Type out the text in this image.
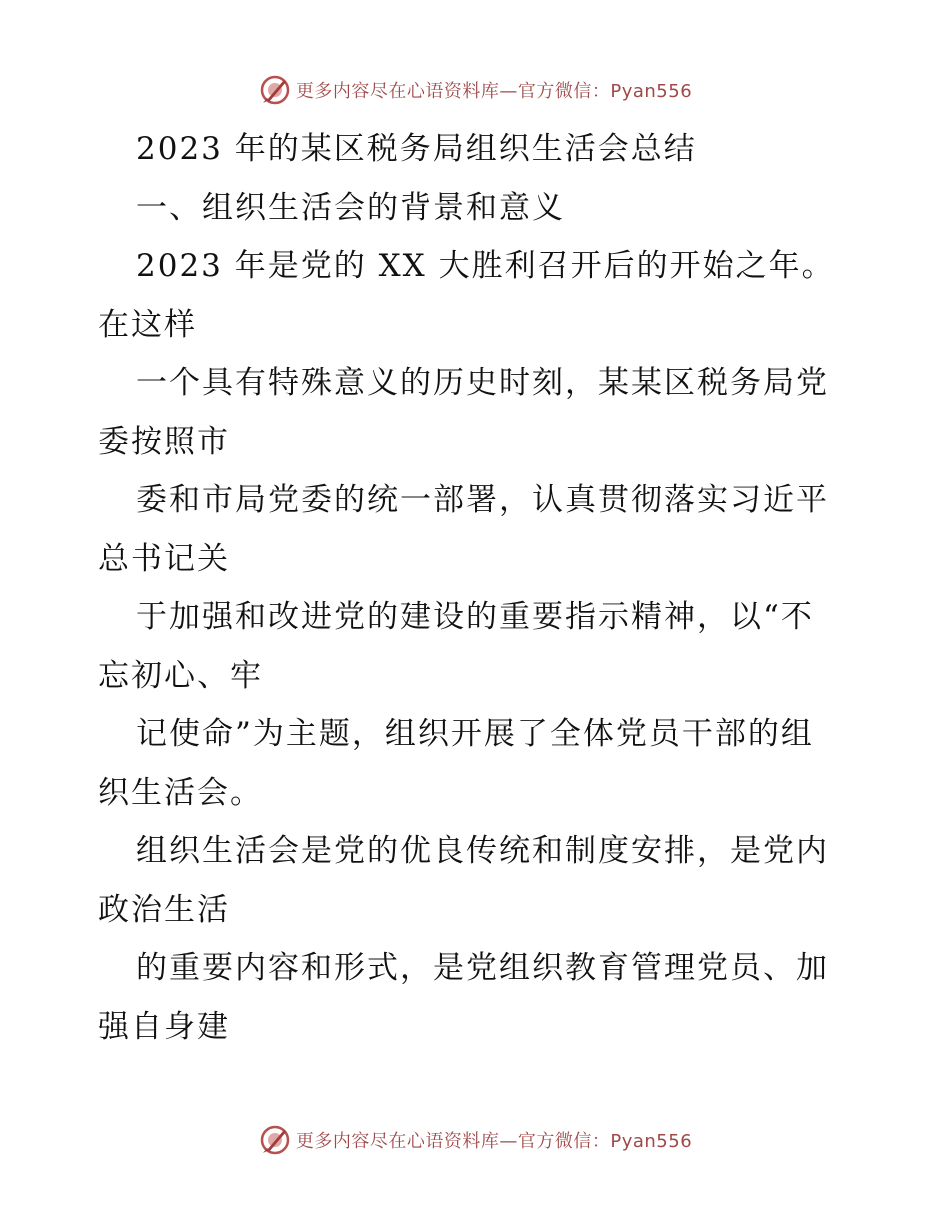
更多内容尽在心语资料库—官方微信：Pyan556
2023 年的某区税务局组织生活会总结
一、组织生活会的背景和意义
2023 年是党的 XX 大胜利召开后的开始之年。
在这样
一个具有特殊意义的历史时刻，某某区税务局党
委按照市
委和市局党委的统一部署，认真贯彻落实习近平
总书记关
于加强和改进党的建设的重要指示精神，以“不
忘初心、牢
记使命”为主题，组织开展了全体党员干部的组
织生活会。
组织生活会是党的优良传统和制度安排，是党内
政治生活
的重要内容和形式，是党组织教育管理党员、加
强自身建
更多内容尽在心语资料库—官方微信：Pyan556
